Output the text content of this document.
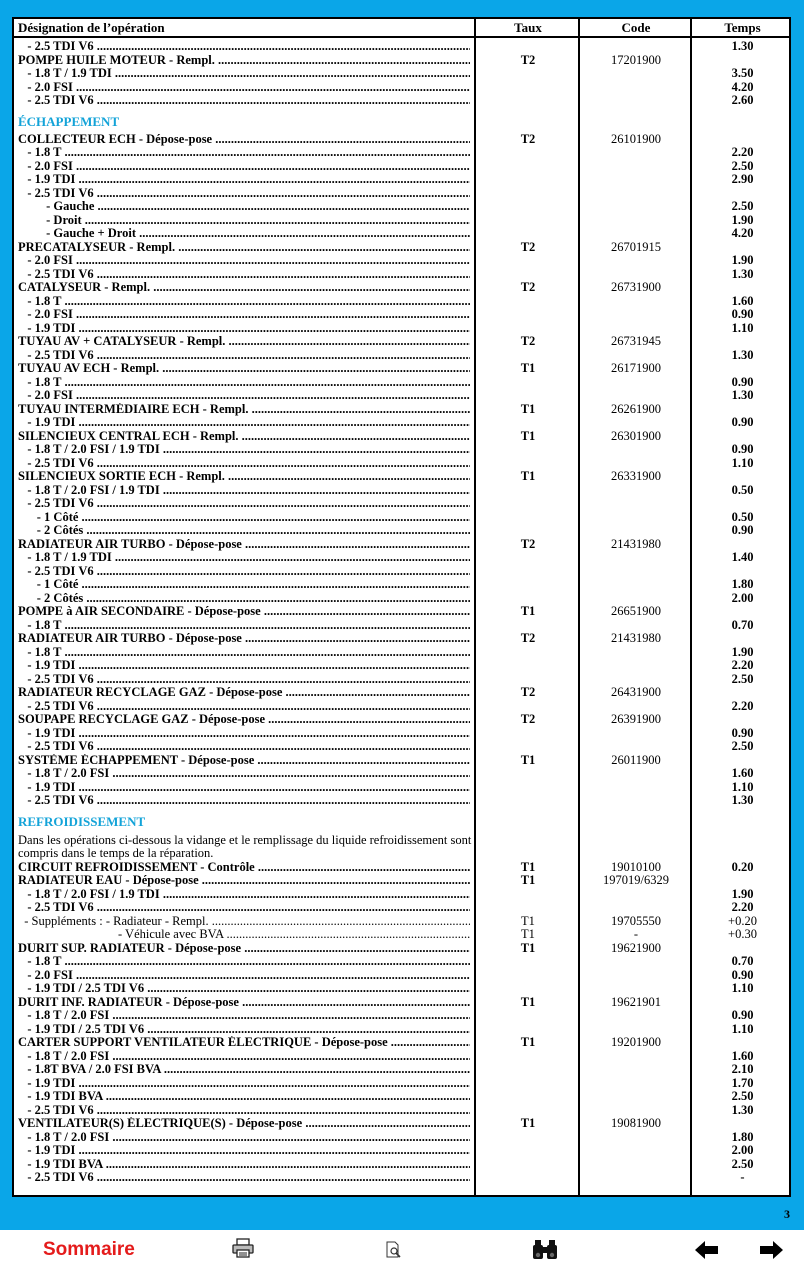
Désignation de l’opération	Taux	Code	Temps
- 2.5 TDI V6 .....	1.30
POMPE HUILE MOTEUR - Rempl. .....	T2	17201900
- 1.8 T / 1.9 TDI .....	3.50
- 2.0 FSI .....	4.20
- 2.5 TDI V6 .....	2.60
ÉCHAPPEMENT
COLLECTEUR ECH - Dépose-pose .....	T2	26101900
- 1.8 T .....	2.20
- 2.0 FSI .....	2.50
- 1.9 TDI .....	2.90
- 2.5 TDI V6 .....
- Gauche .....	2.50
- Droit .....	1.90
- Gauche + Droit .....	4.20
PRECATALYSEUR - Rempl. .....	T2	26701915
- 2.0 FSI .....	1.90
- 2.5 TDI V6 .....	1.30
CATALYSEUR - Rempl. .....	T2	26731900
- 1.8 T .....	1.60
- 2.0 FSI .....	0.90
- 1.9 TDI .....	1.10
TUYAU AV + CATALYSEUR - Rempl. .....	T2	26731945
- 2.5 TDI V6 .....	1.30
TUYAU AV ECH - Rempl. .....	T1	26171900
- 1.8 T .....	0.90
- 2.0 FSI .....	1.30
TUYAU INTERMÉDIAIRE ECH - Rempl. .....	T1	26261900
- 1.9 TDI .....	0.90
SILENCIEUX CENTRAL ECH - Rempl. .....	T1	26301900
- 1.8 T / 2.0 FSI / 1.9 TDI .....	0.90
- 2.5 TDI V6 .....	1.10
SILENCIEUX SORTIE ECH - Rempl. .....	T1	26331900
- 1.8 T / 2.0 FSI / 1.9 TDI .....	0.50
- 2.5 TDI V6 .....
- 1 Côté .....	0.50
- 2 Côtés .....	0.90
RADIATEUR AIR TURBO - Dépose-pose .....	T2	21431980
- 1.8 T / 1.9 TDI .....	1.40
- 2.5 TDI V6 .....
- 1 Côté .....	1.80
- 2 Côtés .....	2.00
POMPE à AIR SECONDAIRE - Dépose-pose .....	T1	26651900
- 1.8 T .....	0.70
RADIATEUR AIR TURBO - Dépose-pose .....	T2	21431980
- 1.8 T .....	1.90
- 1.9 TDI .....	2.20
- 2.5 TDI V6 .....	2.50
RADIATEUR RECYCLAGE GAZ - Dépose-pose .....	T2	26431900
- 2.5 TDI V6 .....	2.20
SOUPAPE RECYCLAGE GAZ - Dépose-pose .....	T2	26391900
- 1.9 TDI .....	0.90
- 2.5 TDI V6 .....	2.50
SYSTÈME ÉCHAPPEMENT - Dépose-pose .....	T1	26011900
- 1.8 T / 2.0 FSI .....	1.60
- 1.9 TDI .....	1.10
- 2.5 TDI V6 .....	1.30
REFROIDISSEMENT
Dans les opérations ci-dessous la vidange et le remplissage du liquide refroidissement sont compris dans le temps de la réparation.
CIRCUIT REFROIDISSEMENT - Contrôle .....	T1	19010100	0.20
RADIATEUR EAU - Dépose-pose .....	T1	197019/6329
- 1.8 T / 2.0 FSI / 1.9 TDI .....	1.90
- 2.5 TDI V6 .....	2.20
- Suppléments : - Radiateur - Rempl. .....	T1	19705550	+0.20
- Véhicule avec BVA .....	T1	-	+0.30
DURIT SUP. RADIATEUR - Dépose-pose .....	T1	19621900
- 1.8 T .....	0.70
- 2.0 FSI .....	0.90
- 1.9 TDI / 2.5 TDI V6 .....	1.10
DURIT INF. RADIATEUR - Dépose-pose .....	T1	19621901
- 1.8 T / 2.0 FSI .....	0.90
- 1.9 TDI / 2.5 TDI V6 .....	1.10
CARTER SUPPORT VENTILATEUR ÉLECTRIQUE - Dépose-pose .....	T1	19201900
- 1.8 T / 2.0 FSI .....	1.60
- 1.8T BVA / 2.0 FSI BVA .....	2.10
- 1.9 TDI .....	1.70
- 1.9 TDI BVA .....	2.50
- 2.5 TDI V6 .....	1.30
VENTILATEUR(S) ÉLECTRIQUE(S) - Dépose-pose .....	T1	19081900
- 1.8 T / 2.0 FSI .....	1.80
- 1.9 TDI .....	2.00
- 1.9 TDI BVA .....	2.50
- 2.5 TDI V6 .....	-
3
Sommaire
